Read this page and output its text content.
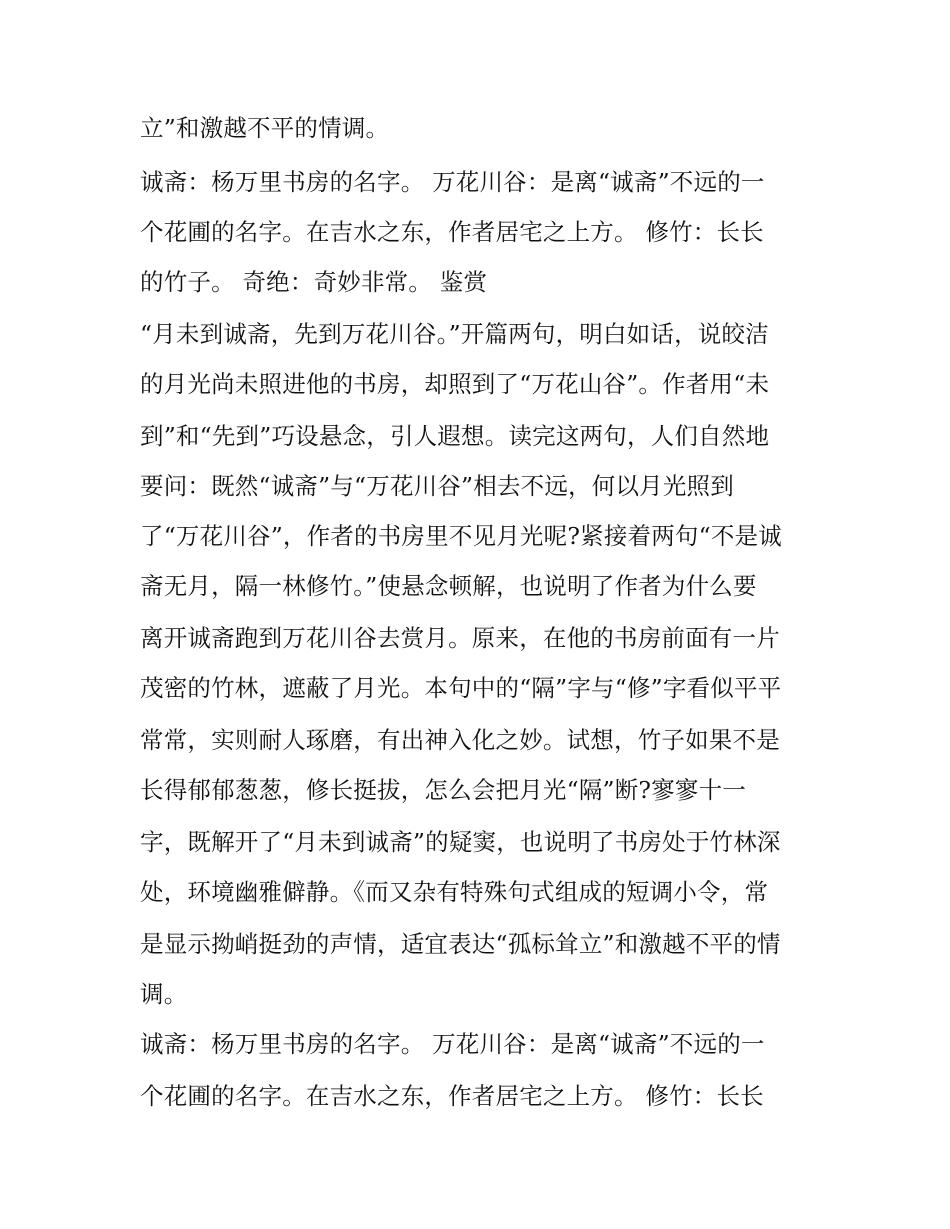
立”和激越不平的情调。
诚斋：杨万里书房的名字。 万花川谷：是离“诚斋”不远的一
个花圃的名字。在吉水之东，作者居宅之上方。 修竹：长长
的竹子。 奇绝：奇妙非常。 鉴赏
“月未到诚斋，先到万花川谷。”开篇两句，明白如话，说皎洁
的月光尚未照进他的书房，却照到了“万花山谷”。作者用“未
到”和“先到”巧设悬念，引人遐想。读完这两句，人们自然地
要问：既然“诚斋”与“万花川谷”相去不远，何以月光照到
了“万花川谷”，作者的书房里不见月光呢?紧接着两句“不是诚
斋无月，隔一林修竹。”使悬念顿解，也说明了作者为什么要
离开诚斋跑到万花川谷去赏月。原来，在他的书房前面有一片
茂密的竹林，遮蔽了月光。本句中的“隔”字与“修”字看似平平
常常，实则耐人琢磨，有出神入化之妙。试想，竹子如果不是
长得郁郁葱葱，修长挺拔，怎么会把月光“隔”断?寥寥十一
字，既解开了“月未到诚斋”的疑窦，也说明了书房处于竹林深
处，环境幽雅僻静。《而又杂有特殊句式组成的短调小令，常
是显示拗峭挺劲的声情，适宜表达“孤标耸立”和激越不平的情
调。
诚斋：杨万里书房的名字。 万花川谷：是离“诚斋”不远的一
个花圃的名字。在吉水之东，作者居宅之上方。 修竹：长长
